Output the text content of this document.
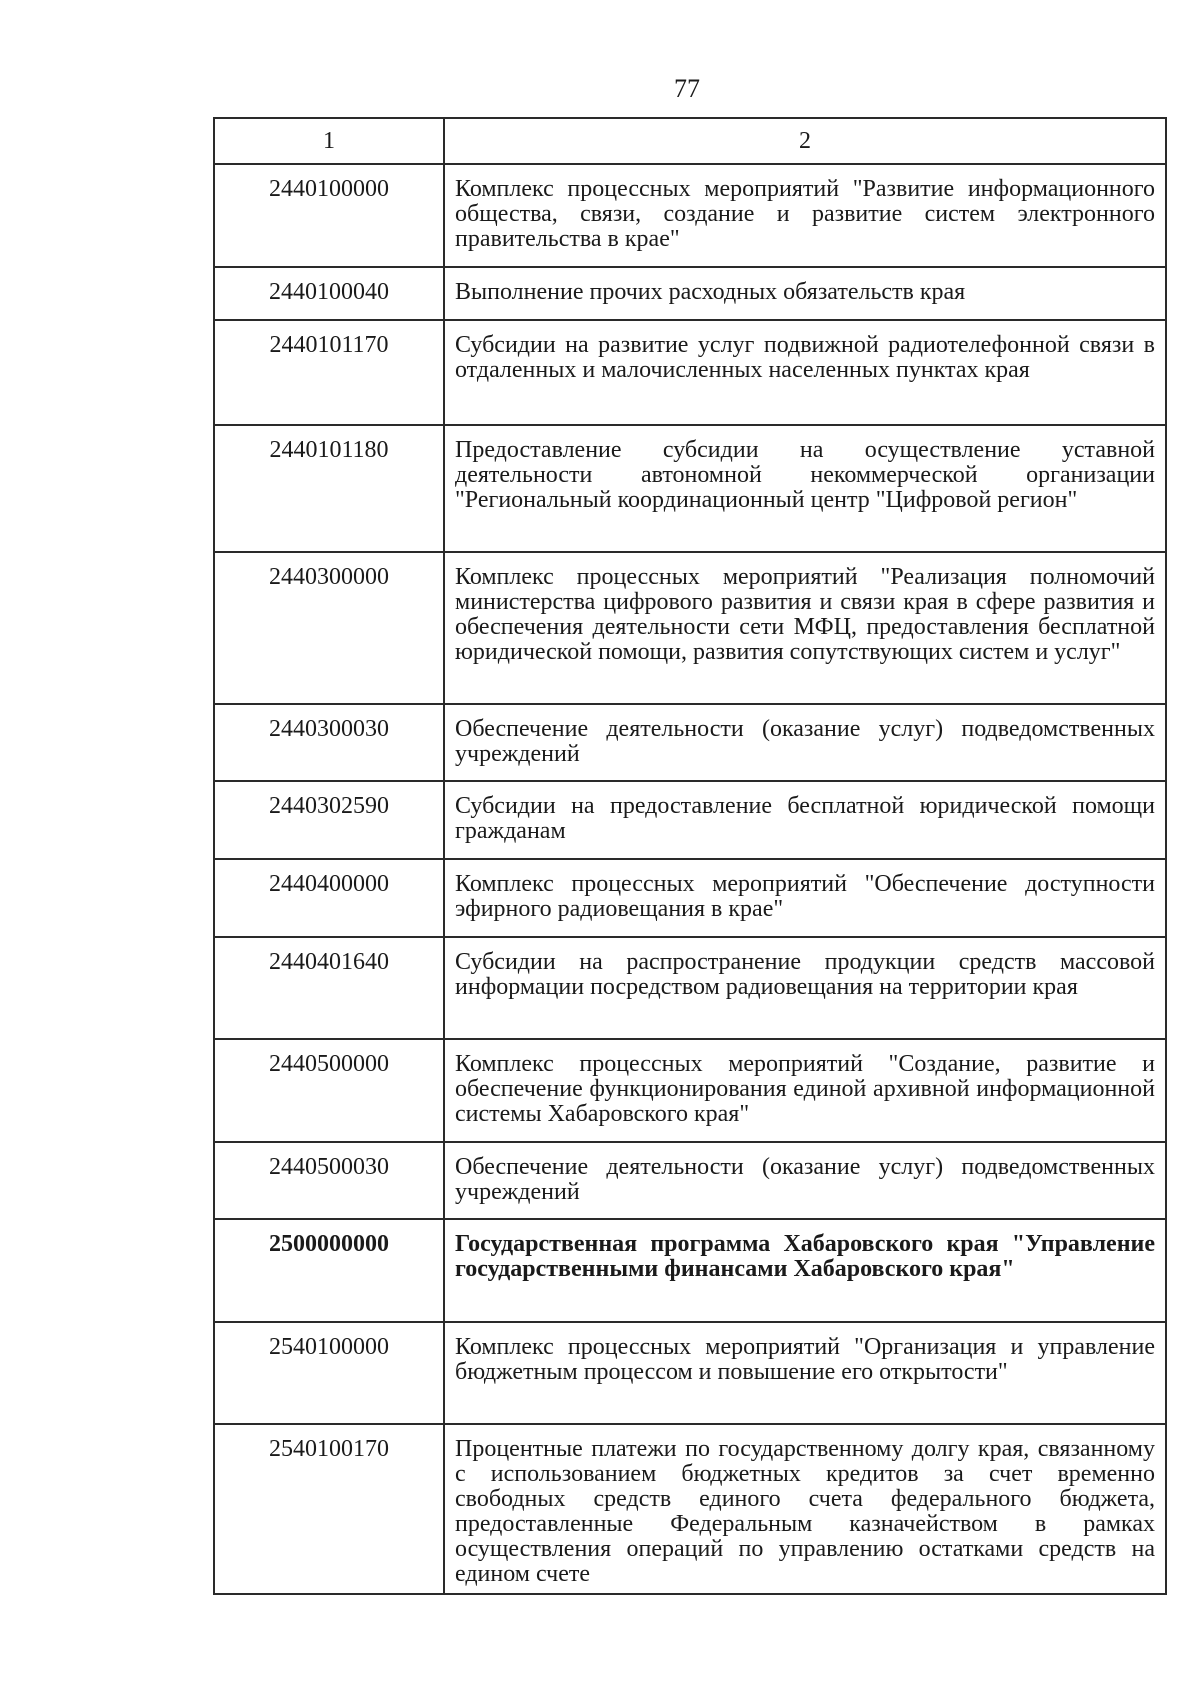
77
1	2
2440100000	Комплекс процессных мероприятий "Развитие информационного общества, связи, создание и развитие систем электронного правительства в крае"
2440100040	Выполнение прочих расходных обязательств края
2440101170	Субсидии на развитие услуг подвижной радиотелефонной связи в отдаленных и малочисленных населенных пунктах края
2440101180	Предоставление субсидии на осуществление уставной деятельности автономной некоммерческой организации "Региональный координационный центр "Цифровой регион"
2440300000	Комплекс процессных мероприятий "Реализация полномочий министерства цифрового развития и связи края в сфере развития и обеспечения деятельности сети МФЦ, предоставления бесплатной юридической помощи, развития сопутствующих систем и услуг"
2440300030	Обеспечение деятельности (оказание услуг) подведомственных учреждений
2440302590	Субсидии на предоставление бесплатной юридической помощи гражданам
2440400000	Комплекс процессных мероприятий "Обеспечение доступности эфирного радиовещания в крае"
2440401640	Субсидии на распространение продукции средств массовой информации посредством радиовещания на территории края
2440500000	Комплекс процессных мероприятий "Создание, развитие и обеспечение функционирования единой архивной информационной системы Хабаровского края"
2440500030	Обеспечение деятельности (оказание услуг) подведомственных учреждений
2500000000	Государственная программа Хабаровского края "Управление государственными финансами Хабаровского края"
2540100000	Комплекс процессных мероприятий "Организация и управление бюджетным процессом и повышение его открытости"
2540100170	Процентные платежи по государственному долгу края, связанному с использованием бюджетных кредитов за счет временно свободных средств единого счета федерального бюджета, предоставленные Федеральным казначейством в рамках осуществления операций по управлению остатками средств на едином счете
